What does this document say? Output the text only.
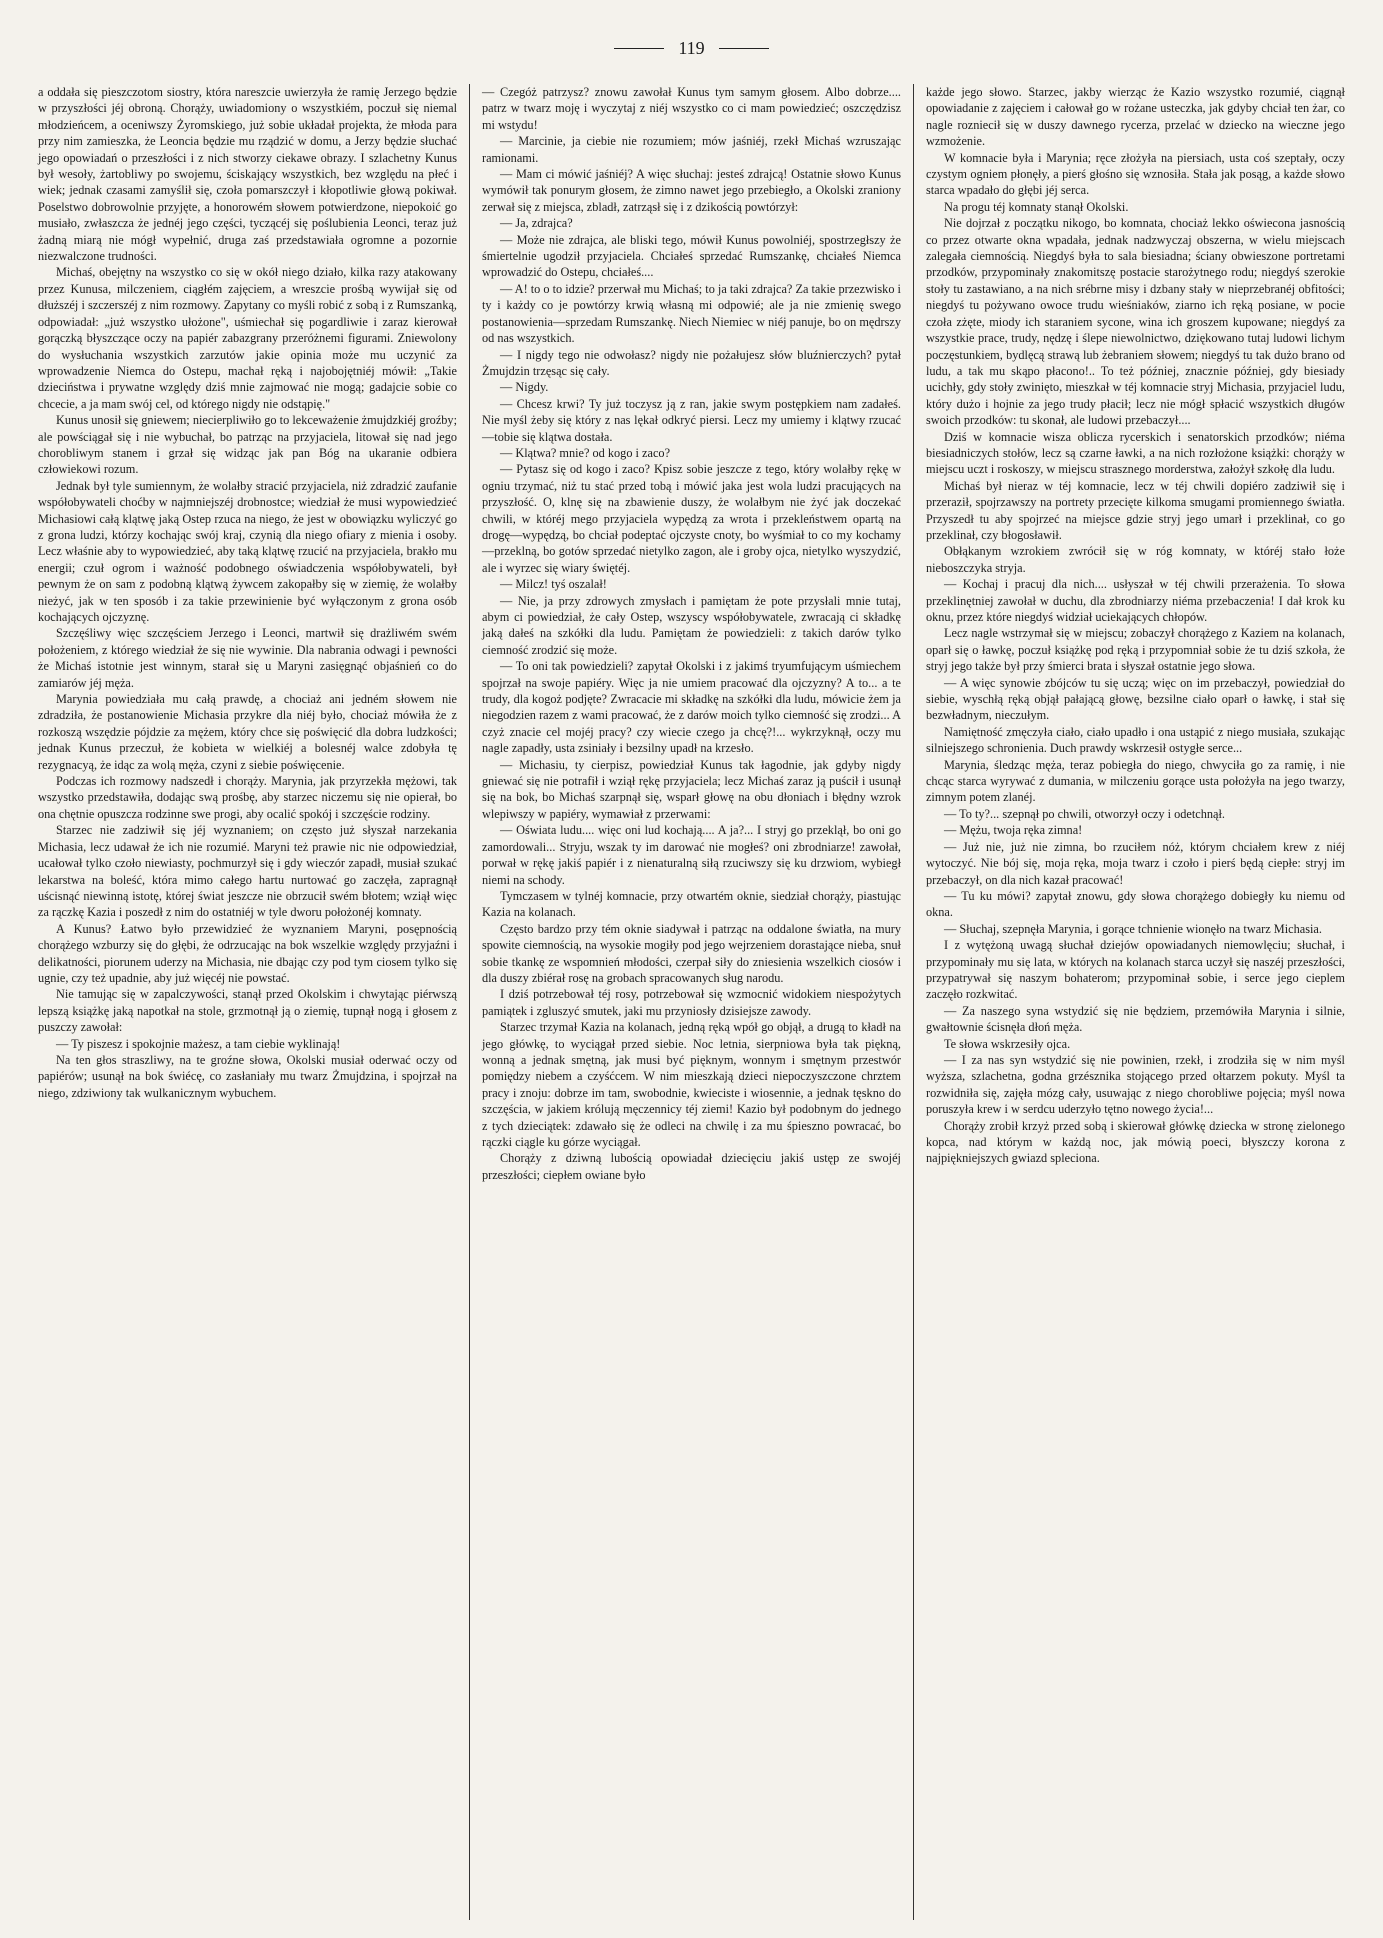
119

a oddała się pieszczotom siostry, która nareszcie uwierzyła że ramię Jerzego będzie w przyszłości jéj obroną. Chorąży, uwiadomiony o wszystkiém, poczuł się niemal młodzieńcem, a oceniwszy Żyromskiego, już sobie układał projekta, że młoda para przy nim zamieszka, że Leoncia będzie mu rządzić w domu, a Jerzy będzie słuchać jego opowiadań o przeszłości i z nich stworzy ciekawe obrazy. I szlachetny Kunus był wesoły, żartobliwy po swojemu, ściskający wszystkich, bez względu na płeć i wiek; jednak czasami zamyślił się, czoła pomarszczył i kłopotliwie głową pokiwał. Poselstwo dobrowolnie przyjęte, a honorowém słowem potwierdzone, niepokoić go musiało, zwłaszcza że jednéj jego części, tyczącéj się poślubienia Leonci, teraz już żadną miarą nie mógł wypełnić, druga zaś przedstawiała ogromne a pozornie niezwalczone trudności.

Michaś, obejętny na wszystko co się w okół niego działo, kilka razy atakowany przez Kunusa, milczeniem, ciągłém zajęciem, a wreszcie prośbą wywijał się od dłuższéj i szczerszéj z nim rozmowy. Zapytany co myśli robić z sobą i z Rumszanką, odpowiadał: „już wszystko ułożone", uśmiechał się pogardliwie i zaraz kierował gorączką błyszczące oczy na papiér zabazgrany przeróżnemi figurami. Zniewolony do wysłuchania wszystkich zarzutów jakie opinia może mu uczynić za wprowadzenie Niemca do Ostepu, machał ręką i najobojętniéj mówił: „Takie dzieciństwa i prywatne względy dziś mnie zajmować nie mogą; gadajcie sobie co chcecie, a ja mam swój cel, od którego nigdy nie odstąpię."

Kunus unosił się gniewem; niecierpliwiło go to lekceważenie żmujdzkiéj groźby; ale powściągał się i nie wybuchał, bo patrząc na przyjaciela, litował się nad jego chorobliwym stanem i grzał się widząc jak pan Bóg na ukaranie odbiera człowiekowi rozum.

Jednak był tyle sumiennym, że wolałby stracić przyjaciela, niż zdradzić zaufanie współobywateli choćby w najmniejszéj drobnostce; wiedział że musi wypowiedzieć Michasiowi całą klątwę jaką Ostep rzuca na niego, że jest w obowiązku wyliczyć go z grona ludzi, którzy kochając swój kraj, czynią dla niego ofiary z mienia i osoby. Lecz właśnie aby to wypowiedzieć, aby taką klątwę rzucić na przyjaciela, brakło mu energii; czuł ogrom i ważność podobnego oświadczenia współobywateli, był pewnym że on sam z podobną klątwą żywcem zakopałby się w ziemię, że wolałby nieżyć, jak w ten sposób i za takie przewinienie być wyłączonym z grona osób kochających ojczyznę.

Szczęśliwy więc szczęściem Jerzego i Leonci, martwił się drażliwém swém położeniem, z którego wiedział że się nie wywinie. Dla nabrania odwagi i pewności że Michaś istotnie jest winnym, starał się u Maryni zasięgnąć objaśnień co do zamiarów jéj męża.

Marynia powiedziała mu całą prawdę, a chociaż ani jedném słowem nie zdradziła, że postanowienie Michasia przykre dla niéj było, chociaż mówiła że z rozkoszą wszędzie pójdzie za mężem, który chce się poświęcić dla dobra ludzkości; jednak Kunus przeczuł, że kobieta w wielkiéj a bolesnéj walce zdobyła tę rezygnacyą, że idąc za wolą męża, czyni z siebie poświęcenie.

Podczas ich rozmowy nadszedł i chorąży. Marynia, jak przyrzekła mężowi, tak wszystko przedstawiła, dodając swą prośbę, aby starzec niczemu się nie opierał, bo ona chętnie opuszcza rodzinne swe progi, aby ocalić spokój i szczęście rodziny.

Starzec nie zadziwił się jéj wyznaniem; on często już słyszał narzekania Michasia, lecz udawał że ich nie rozumié. Maryni też prawie nic nie odpowiedział, ucałował tylko czoło niewiasty, pochmurzył się i gdy wieczór zapadł, musiał szukać lekarstwa na boleść, która mimo całego hartu nurtować go zaczęła, zapragnął uścisnąć niewinną istotę, której świat jeszcze nie obrzucił swém błotem; wziął więc za rączkę Kazia i poszedł z nim do ostatniéj w tyle dworu położonéj komnaty.

A Kunus? Łatwo było przewidzieć że wyznaniem Maryni, posępnością chorążego wzburzy się do głębi, że odrzucając na bok wszelkie względy przyjaźni i delikatności, piorunem uderzy na Michasia, nie dbając czy pod tym ciosem tylko się ugnie, czy też upadnie, aby już więcéj nie powstać.

Nie tamując się w zapalczywości, stanął przed Okolskim i chwytając piérwszą lepszą książkę jaką napotkał na stole, grzmotnął ją o ziemię, tupnął nogą i głosem z puszczy zawołał:

— Ty piszesz i spokojnie mażesz, a tam ciebie wyklinają!

Na ten głos straszliwy, na te groźne słowa, Okolski musiał oderwać oczy od papiérów; usunął na bok świécę, co zasłaniały mu twarz Żmujdzina, i spojrzał na niego, zdziwiony tak wulkanicznym wybuchem.

— Czegóż patrzysz? znowu zawołał Kunus tym samym głosem. Albo dobrze.... patrz w twarz moję i wyczytaj z niéj wszystko co ci mam powiedzieć; oszczędzisz mi wstydu!

— Marcinie, ja ciebie nie rozumiem; mów jaśniéj, rzekł Michaś wzruszając ramionami.

— Mam ci mówić jaśniéj? A więc słuchaj: jesteś zdrajcą! Ostatnie słowo Kunus wymówił tak ponurym głosem, że zimno nawet jego przebiegło, a Okolski zraniony zerwał się z miejsca, zbladł, zatrząsł się i z dzikością powtórzył:

— Ja, zdrajca?

— Może nie zdrajca, ale bliski tego, mówił Kunus powolniéj, spostrzegłszy że śmiertelnie ugodził przyjaciela. Chciałeś sprzedać Rumszankę, chciałeś Niemca wprowadzić do Ostepu, chciałeś....

— A! to o to idzie? przerwał mu Michaś; to ja taki zdrajca? Za takie przezwisko i ty i każdy co je powtórzy krwią własną mi odpowié; ale ja nie zmienię swego postanowienia—sprzedam Rumszankę. Niech Niemiec w niéj panuje, bo on mędrszy od nas wszystkich.

— I nigdy tego nie odwołasz? nigdy nie pożałujesz słów bluźnierczych? pytał Żmujdzin trzęsąc się cały.

— Nigdy.

— Chcesz krwi? Ty już toczysz ją z ran, jakie swym postępkiem nam zadałeś. Nie myśl żeby się który z nas lękał odkryć piersi. Lecz my umiemy i klątwy rzucać—tobie się klątwa dostała.

— Klątwa? mnie? od kogo i zaco?

— Pytasz się od kogo i zaco? Kpisz sobie jeszcze z tego, który wolałby rękę w ogniu trzymać, niż tu stać przed tobą i mówić jaka jest wola ludzi pracujących na przyszłość. O, klnę się na zbawienie duszy, że wolałbym nie żyć jak doczekać chwili, w któréj mego przyjaciela wypędzą za wrota i przekleństwem opartą na drogę—wypędzą, bo chciał podeptać ojczyste cnoty, bo wyśmiał to co my kochamy—przeklną, bo gotów sprzedać nietylko zagon, ale i groby ojca, nietylko wyszydzić, ale i wyrzec się wiary świętéj.

— Milcz! tyś oszalał!

— Nie, ja przy zdrowych zmysłach i pamiętam że pote przysłali mnie tutaj, abym ci powiedział, że cały Ostep, wszyscy współobywatele, zwracają ci składkę jaką dałeś na szkółki dla ludu. Pamiętam że powiedzieli: z takich darów tylko ciemność zrodzić się może.

— To oni tak powiedzieli? zapytał Okolski i z jakimś tryumfującym uśmiechem spojrzał na swoje papiéry. Więc ja nie umiem pracować dla ojczyzny? A to... a te trudy, dla kogoż podjęte? Zwracacie mi składkę na szkółki dla ludu, mówicie żem ja niegodzien razem z wami pracować, że z darów moich tylko ciemność się zrodzi... A czyż znacie cel mojéj pracy? czy wiecie czego ja chcę?!... wykrzyknął, oczy mu nagle zapadły, usta zsiniały i bezsilny upadł na krzesło.

— Michasiu, ty cierpisz, powiedział Kunus tak łagodnie, jak gdyby nigdy gniewać się nie potrafił i wziął rękę przyjaciela; lecz Michaś zaraz ją puścił i usunął się na bok, bo Michaś szarpnął się, wsparł głowę na obu dłoniach i błędny wzrok wlepiwszy w papiéry, wymawiał z przerwami:

— Oświata ludu.... więc oni lud kochają.... A ja?... I stryj go przeklął, bo oni go zamordowali... Stryju, wszak ty im darować nie mogłeś? oni zbrodniarze! zawołał, porwał w rękę jakiś papiér i z nienaturalną siłą rzuciwszy się ku drzwiom, wybiegł niemi na schody.

Tymczasem w tylnéj komnacie, przy otwartém oknie, siedział chorąży, piastując Kazia na kolanach.

Często bardzo przy tém oknie siadywał i patrząc na oddalone światła, na mury spowite ciemnością, na wysokie mogiły pod jego wejrzeniem dorastające nieba, snuł sobie tkankę ze wspomnień młodości, czerpał siły do zniesienia wszelkich ciosów i dla duszy zbiérał rosę na grobach spracowanych sług narodu.

I dziś potrzebował téj rosy, potrzebował się wzmocnić widokiem niespożytych pamiątek i zgluszyć smutek, jaki mu przyniosły dzisiejsze zawody.

Starzec trzymał Kazia na kolanach, jedną ręką wpół go objął, a drugą to kładł na jego główkę, to wyciągał przed siebie. Noc letnia, sierpniowa była tak piękną, wonną a jednak smętną, jak musi być pięknym, wonnym i smętnym przestwór pomiędzy niebem a czyśćcem. W nim mieszkają dzieci niepoczyszczone chrztem pracy i znoju: dobrze im tam, swobodnie, kwieciste i wiosennie, a jednak tęskno do szczęścia, w jakiem królują męczennicy téj ziemi! Kazio był podobnym do jednego z tych dzieciątek: zdawało się że odleci na chwilę i za mu śpieszno powracać, bo rączki ciągle ku górze wyciągał.

Chorąży z dziwną lubością opowiadał dziecięciu jakiś ustęp ze swojéj przeszłości; ciepłem owiane było

każde jego słowo. Starzec, jakby wierząc że Kazio wszystko rozumié, ciągnął opowiadanie z zajęciem i całował go w rożane usteczka, jak gdyby chciał ten żar, co nagle rozniecił się w duszy dawnego rycerza, przelać w dziecko na wieczne jego wzmożenie.

W komnacie była i Marynia; ręce złożyła na piersiach, usta coś szeptały, oczy czystym ogniem płonęły, a pierś głośno się wznosiła. Stała jak posąg, a każde słowo starca wpadało do głębi jéj serca.

Na progu téj komnaty stanął Okolski.

Nie dojrzał z początku nikogo, bo komnata, chociaż lekko oświecona jasnością co przez otwarte okna wpadała, jednak nadzwyczaj obszerna, w wielu miejscach zalegała ciemnością. Niegdyś była to sala biesiadna; ściany obwieszone portretami przodków, przypominały znakomitszę postacie starożytnego rodu; niegdyś szerokie stoły tu zastawiano, a na nich srébrne misy i dzbany stały w nieprzebranéj obfitości; niegdyś tu pożywano owoce trudu wieśniaków, ziarno ich ręką posiane, w pocie czoła zżęte, miody ich staraniem sycone, wina ich groszem kupowane; niegdyś za wszystkie prace, trudy, nędzę i ślepe niewolnictwo, dziękowano tutaj ludowi lichym poczęstunkiem, bydlęcą strawą lub żebraniem słowem; niegdyś tu tak dużo brano od ludu, a tak mu skąpo płacono!.. To też później, znacznie później, gdy biesiady ucichły, gdy stoły zwinięto, mieszkał w téj komnacie stryj Michasia, przyjaciel ludu, który dużo i hojnie za jego trudy płacił; lecz nie mógł spłacić wszystkich długów swoich przodków: tu skonał, ale ludowi przebaczył....

Dziś w komnacie wisza oblicza rycerskich i senatorskich przodków; niéma biesiadniczych stołów, lecz są czarne ławki, a na nich rozłożone książki: chorąży w miejscu uczt i roskoszy, w miejscu strasznego morderstwa, założył szkołę dla ludu.

Michaś był nieraz w téj komnacie, lecz w téj chwili dopiéro zadziwił się i przeraził, spojrzawszy na portrety przecięte kilkoma smugami promiennego światła. Przyszedł tu aby spojrzeć na miejsce gdzie stryj jego umarł i przeklinał, co go przeklinał, czy błogosławił.

Obłąkanym wzrokiem zwrócił się w róg komnaty, w któréj stało łoże nieboszczyka stryja.

— Kochaj i pracuj dla nich.... usłyszał w téj chwili przerażenia. To słowa przeklinętniej zawołał w duchu, dla zbrodniarzy niéma przebaczenia! I dał krok ku oknu, przez które niegdyś widział uciekających chłopów.

Lecz nagle wstrzymał się w miejscu; zobaczył chorążego z Kaziem na kolanach, oparł się o ławkę, poczuł książkę pod ręką i przypomniał sobie że tu dziś szkoła, że stryj jego także był przy śmierci brata i słyszał ostatnie jego słowa.

— A więc synowie zbójców tu się uczą; więc on im przebaczył, powiedział do siebie, wyschłą ręką objął pałającą głowę, bezsilne ciało oparł o ławkę, i stał się bezwładnym, nieczułym.

Namiętność zmęczyła ciało, ciało upadło i ona ustąpić z niego musiała, szukając silniejszego schronienia. Duch prawdy wskrzesił ostygłe serce...

Marynia, śledząc męża, teraz pobiegła do niego, chwyciła go za ramię, i nie chcąc starca wyrywać z dumania, w milczeniu gorące usta położyła na jego twarzy, zimnym potem zlanéj.

— To ty?... szepnął po chwili, otworzył oczy i odetchnął.

— Mężu, twoja ręka zimna!

— Już nie, już nie zimna, bo rzuciłem nóż, którym chciałem krew z niéj wytoczyć. Nie bój się, moja ręka, moja twarz i czoło i pierś będą ciepłe: stryj im przebaczył, on dla nich kazał pracować!

— Tu ku mówi? zapytał znowu, gdy słowa chorążego dobiegły ku niemu od okna.

— Słuchaj, szepnęła Marynia, i gorące tchnienie wionęło na twarz Michasia.

I z wytężoną uwagą słuchał dziejów opowiadanych niemowlęciu; słuchał, i przypominały mu się lata, w których na kolanach starca uczył się naszéj przeszłości, przypatrywał się naszym bohaterom; przypominał sobie, i serce jego cieplem zaczęło rozkwitać.

— Za naszego syna wstydzić się nie będziem, przemówiła Marynia i silnie, gwałtownie ścisnęła dłoń męża.

Te słowa wskrzesiły ojca.

— I za nas syn wstydzić się nie powinien, rzekł, i zrodziła się w nim myśl wyższa, szlachetna, godna grzésznika stojącego przed ołtarzem pokuty. Myśl ta rozwidniła się, zajęła mózg cały, usuwając z niego chorobliwe pojęcia; myśl nowa poruszyła krew i w serdcu uderzyło tętno nowego życia!...

Chorąży zrobił krzyż przed sobą i skierował główkę dziecka w stronę zielonego kopca, nad którym w każdą noc, jak mówią poeci, błyszczy korona z najpiękniejszych gwiazd spleciona.
